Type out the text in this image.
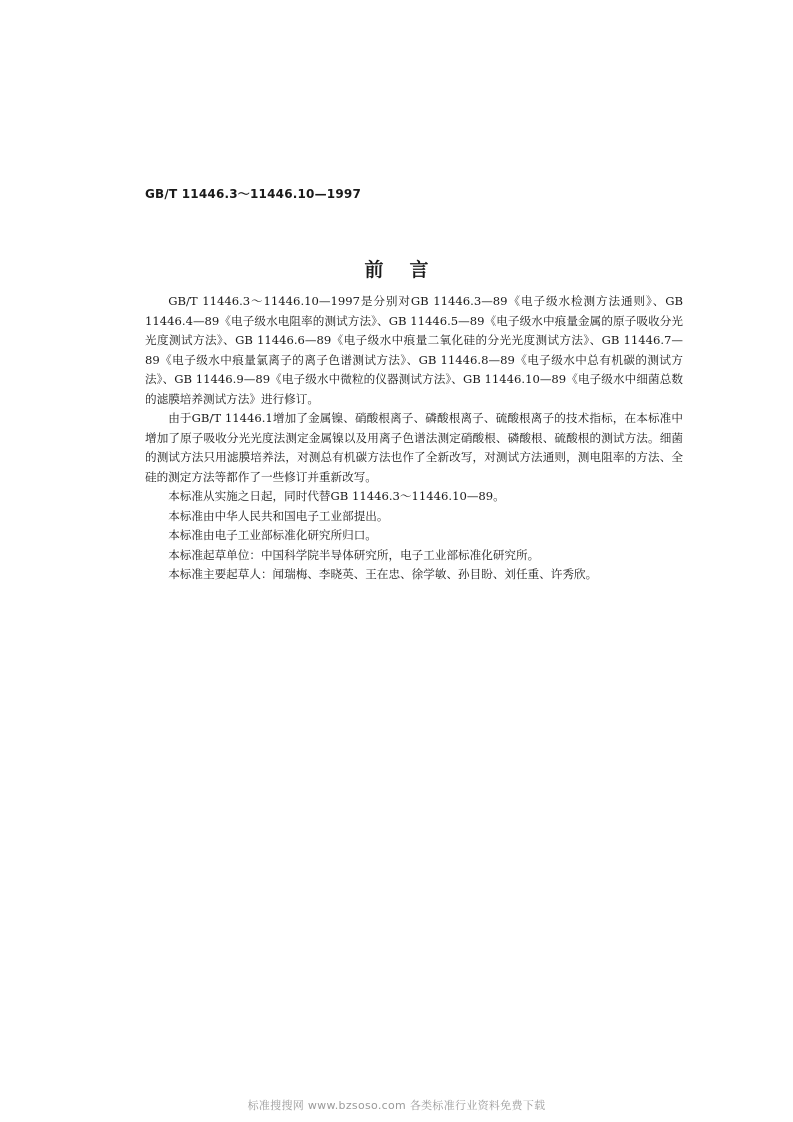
GB/T 11446.3～11446.10—1997
前言

GB/T 11446.3～11446.10—1997是分别对GB 11446.3—89《电子级水检测方法通则》、GB 11446.4—89《电子级水电阻率的测试方法》、GB 11446.5—89《电子级水中痕量金属的原子吸收分光光度测试方法》、GB 11446.6—89《电子级水中痕量二氧化硅的分光光度测试方法》、GB 11446.7—89《电子级水中痕量氯离子的离子色谱测试方法》、GB 11446.8—89《电子级水中总有机碳的测试方法》、GB 11446.9—89《电子级水中微粒的仪器测试方法》、GB 11446.10—89《电子级水中细菌总数的滤膜培养测试方法》进行修订。

由于GB/T 11446.1增加了金属镍、硝酸根离子、磷酸根离子、硫酸根离子的技术指标，在本标准中增加了原子吸收分光光度法测定金属镍以及用离子色谱法测定硝酸根、磷酸根、硫酸根的测试方法。细菌的测试方法只用滤膜培养法，对测总有机碳方法也作了全新改写，对测试方法通则，测电阻率的方法、全硅的测定方法等都作了一些修订并重新改写。

本标准从实施之日起，同时代替GB 11446.3～11446.10—89。

本标准由中华人民共和国电子工业部提出。

本标准由电子工业部标准化研究所归口。

本标准起草单位：中国科学院半导体研究所，电子工业部标准化研究所。

本标准主要起草人：闻瑞梅、李晓英、王在忠、徐学敏、孙目盼、刘任重、许秀欣。

标准搜搜网 www.bzsoso.com 各类标准行业资料免费下载
